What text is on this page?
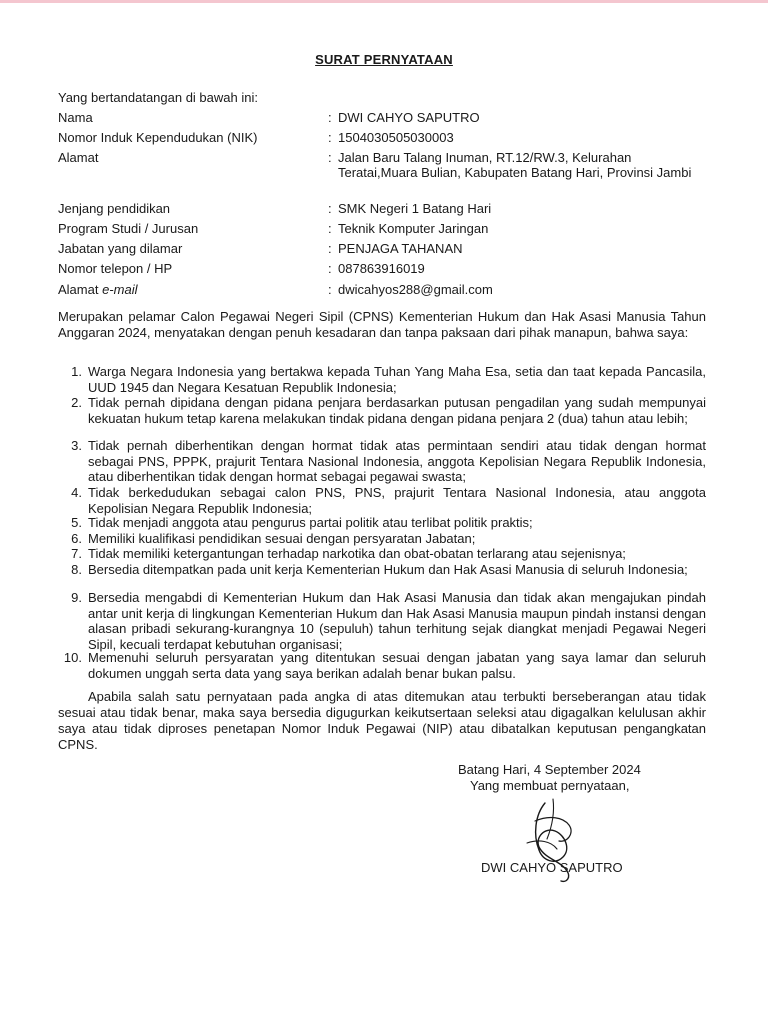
SURAT PERNYATAAN
Yang bertandatangan di bawah ini:
Nama	: DWI CAHYO SAPUTRO
Nomor Induk Kependudukan (NIK)	: 1504030505030003
Alamat	: Jalan Baru Talang Inuman, RT.12/RW.3, Kelurahan Teratai,Muara Bulian, Kabupaten Batang Hari, Provinsi Jambi
Jenjang pendidikan	: SMK Negeri 1 Batang Hari
Program Studi / Jurusan	: Teknik Komputer Jaringan
Jabatan yang dilamar	: PENJAGA TAHANAN
Nomor telepon / HP	: 087863916019
Alamat e-mail	: dwicahyos288@gmail.com
Merupakan pelamar Calon Pegawai Negeri Sipil (CPNS) Kementerian Hukum dan Hak Asasi Manusia Tahun Anggaran 2024, menyatakan dengan penuh kesadaran dan tanpa paksaan dari pihak manapun, bahwa saya:
1. Warga Negara Indonesia yang bertakwa kepada Tuhan Yang Maha Esa, setia dan taat kepada Pancasila, UUD 1945 dan Negara Kesatuan Republik Indonesia;
2. Tidak pernah dipidana dengan pidana penjara berdasarkan putusan pengadilan yang sudah mempunyai kekuatan hukum tetap karena melakukan tindak pidana dengan pidana penjara 2 (dua) tahun atau lebih;
3. Tidak pernah diberhentikan dengan hormat tidak atas permintaan sendiri atau tidak dengan hormat sebagai PNS, PPPK, prajurit Tentara Nasional Indonesia, anggota Kepolisian Negara Republik Indonesia, atau diberhentikan tidak dengan hormat sebagai pegawai swasta;
4. Tidak berkedudukan sebagai calon PNS, PNS, prajurit Tentara Nasional Indonesia, atau anggota Kepolisian Negara Republik Indonesia;
5. Tidak menjadi anggota atau pengurus partai politik atau terlibat politik praktis;
6. Memiliki kualifikasi pendidikan sesuai dengan persyaratan Jabatan;
7. Tidak memiliki ketergantungan terhadap narkotika dan obat-obatan terlarang atau sejenisnya;
8. Bersedia ditempatkan pada unit kerja Kementerian Hukum dan Hak Asasi Manusia di seluruh Indonesia;
9. Bersedia mengabdi di Kementerian Hukum dan Hak Asasi Manusia dan tidak akan mengajukan pindah antar unit kerja di lingkungan Kementerian Hukum dan Hak Asasi Manusia maupun pindah instansi dengan alasan pribadi sekurang-kurangnya 10 (sepuluh) tahun terhitung sejak diangkat menjadi Pegawai Negeri Sipil, kecuali terdapat kebutuhan organisasi;
10. Memenuhi seluruh persyaratan yang ditentukan sesuai dengan jabatan yang saya lamar dan seluruh dokumen unggah serta data yang saya berikan adalah benar bukan palsu.
Apabila salah satu pernyataan pada angka di atas ditemukan atau terbukti berseberangan atau tidak sesuai atau tidak benar, maka saya bersedia digugurkan keikutsertaan seleksi atau digagalkan kelulusan akhir saya atau tidak diproses penetapan Nomor Induk Pegawai (NIP) atau dibatalkan keputusan pengangkatan CPNS.
Batang Hari, 4 September 2024
Yang membuat pernyataan,
DWI CAHYO SAPUTRO
